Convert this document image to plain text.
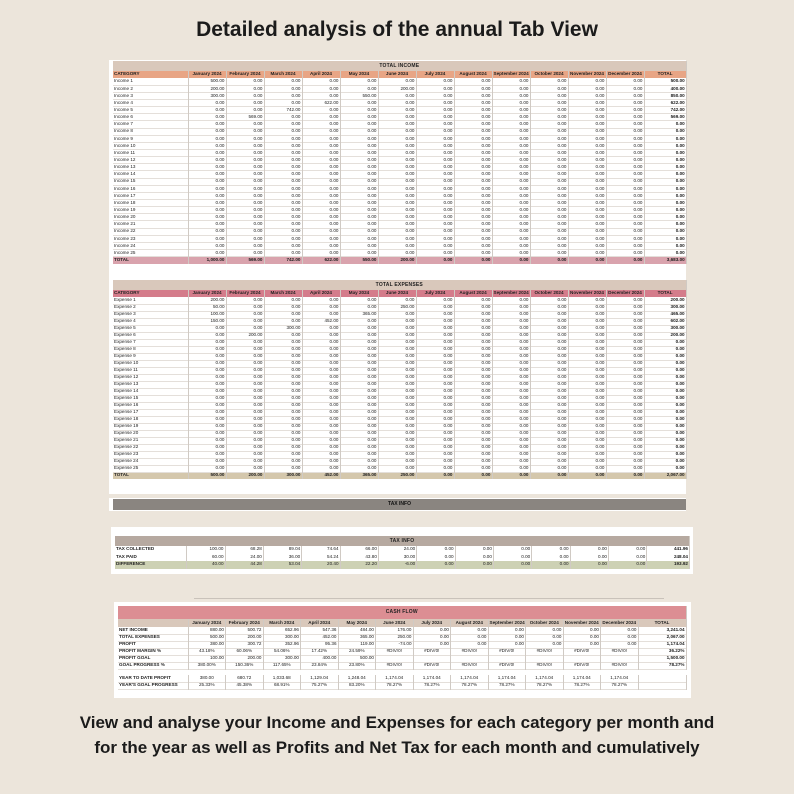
Detailed analysis of the annual Tab View
TOTAL INCOME													
CATEGORY	January 2024	February 2024	March 2024	April 2024	May 2024	June 2024	July 2024	August 2024	September 2024	October 2024	November 2024	December 2024	TOTAL
Income 1	500.00	0.00	0.00	0.00	0.00	0.00	0.00	0.00	0.00	0.00	0.00	0.00	500.00
Income 2	200.00	0.00	0.00	0.00	0.00	200.00	0.00	0.00	0.00	0.00	0.00	0.00	400.00
Income 3	300.00	0.00	0.00	0.00	550.00	0.00	0.00	0.00	0.00	0.00	0.00	0.00	850.00
Income 4	0.00	0.00	0.00	622.00	0.00	0.00	0.00	0.00	0.00	0.00	0.00	0.00	622.00
Income 5	0.00	0.00	742.00	0.00	0.00	0.00	0.00	0.00	0.00	0.00	0.00	0.00	742.00
Income 6	0.00	569.00	0.00	0.00	0.00	0.00	0.00	0.00	0.00	0.00	0.00	0.00	569.00
Income 7	0.00	0.00	0.00	0.00	0.00	0.00	0.00	0.00	0.00	0.00	0.00	0.00	0.00
Income 8	0.00	0.00	0.00	0.00	0.00	0.00	0.00	0.00	0.00	0.00	0.00	0.00	0.00
Income 9	0.00	0.00	0.00	0.00	0.00	0.00	0.00	0.00	0.00	0.00	0.00	0.00	0.00
Income 10	0.00	0.00	0.00	0.00	0.00	0.00	0.00	0.00	0.00	0.00	0.00	0.00	0.00
Income 11	0.00	0.00	0.00	0.00	0.00	0.00	0.00	0.00	0.00	0.00	0.00	0.00	0.00
Income 12	0.00	0.00	0.00	0.00	0.00	0.00	0.00	0.00	0.00	0.00	0.00	0.00	0.00
Income 13	0.00	0.00	0.00	0.00	0.00	0.00	0.00	0.00	0.00	0.00	0.00	0.00	0.00
Income 14	0.00	0.00	0.00	0.00	0.00	0.00	0.00	0.00	0.00	0.00	0.00	0.00	0.00
Income 15	0.00	0.00	0.00	0.00	0.00	0.00	0.00	0.00	0.00	0.00	0.00	0.00	0.00
Income 16	0.00	0.00	0.00	0.00	0.00	0.00	0.00	0.00	0.00	0.00	0.00	0.00	0.00
Income 17	0.00	0.00	0.00	0.00	0.00	0.00	0.00	0.00	0.00	0.00	0.00	0.00	0.00
Income 18	0.00	0.00	0.00	0.00	0.00	0.00	0.00	0.00	0.00	0.00	0.00	0.00	0.00
Income 19	0.00	0.00	0.00	0.00	0.00	0.00	0.00	0.00	0.00	0.00	0.00	0.00	0.00
Income 20	0.00	0.00	0.00	0.00	0.00	0.00	0.00	0.00	0.00	0.00	0.00	0.00	0.00
Income 21	0.00	0.00	0.00	0.00	0.00	0.00	0.00	0.00	0.00	0.00	0.00	0.00	0.00
Income 22	0.00	0.00	0.00	0.00	0.00	0.00	0.00	0.00	0.00	0.00	0.00	0.00	0.00
Income 23	0.00	0.00	0.00	0.00	0.00	0.00	0.00	0.00	0.00	0.00	0.00	0.00	0.00
Income 24	0.00	0.00	0.00	0.00	0.00	0.00	0.00	0.00	0.00	0.00	0.00	0.00	0.00
Income 25	0.00	0.00	0.00	0.00	0.00	0.00	0.00	0.00	0.00	0.00	0.00	0.00	0.00
TOTAL	1,000.00	569.00	742.00	622.00	550.00	200.00	0.00	0.00	0.00	0.00	0.00	0.00	3,683.00
TOTAL EXPENSES													
CATEGORY	January 2024	February 2024	March 2024	April 2024	May 2024	June 2024	July 2024	August 2024	September 2024	October 2024	November 2024	December 2024	TOTAL
Expense 1	200.00	0.00	0.00	0.00	0.00	0.00	0.00	0.00	0.00	0.00	0.00	0.00	200.00
Expense 2	50.00	0.00	0.00	0.00	0.00	250.00	0.00	0.00	0.00	0.00	0.00	0.00	300.00
Expense 3	100.00	0.00	0.00	0.00	365.00	0.00	0.00	0.00	0.00	0.00	0.00	0.00	465.00
Expense 4	150.00	0.00	0.00	452.00	0.00	0.00	0.00	0.00	0.00	0.00	0.00	0.00	602.00
Expense 5	0.00	0.00	300.00	0.00	0.00	0.00	0.00	0.00	0.00	0.00	0.00	0.00	300.00
Expense 6	0.00	200.00	0.00	0.00	0.00	0.00	0.00	0.00	0.00	0.00	0.00	0.00	200.00
Expense 7	0.00	0.00	0.00	0.00	0.00	0.00	0.00	0.00	0.00	0.00	0.00	0.00	0.00
Expense 8	0.00	0.00	0.00	0.00	0.00	0.00	0.00	0.00	0.00	0.00	0.00	0.00	0.00
Expense 9	0.00	0.00	0.00	0.00	0.00	0.00	0.00	0.00	0.00	0.00	0.00	0.00	0.00
Expense 10	0.00	0.00	0.00	0.00	0.00	0.00	0.00	0.00	0.00	0.00	0.00	0.00	0.00
Expense 11	0.00	0.00	0.00	0.00	0.00	0.00	0.00	0.00	0.00	0.00	0.00	0.00	0.00
Expense 12	0.00	0.00	0.00	0.00	0.00	0.00	0.00	0.00	0.00	0.00	0.00	0.00	0.00
Expense 13	0.00	0.00	0.00	0.00	0.00	0.00	0.00	0.00	0.00	0.00	0.00	0.00	0.00
Expense 14	0.00	0.00	0.00	0.00	0.00	0.00	0.00	0.00	0.00	0.00	0.00	0.00	0.00
Expense 15	0.00	0.00	0.00	0.00	0.00	0.00	0.00	0.00	0.00	0.00	0.00	0.00	0.00
Expense 16	0.00	0.00	0.00	0.00	0.00	0.00	0.00	0.00	0.00	0.00	0.00	0.00	0.00
Expense 17	0.00	0.00	0.00	0.00	0.00	0.00	0.00	0.00	0.00	0.00	0.00	0.00	0.00
Expense 18	0.00	0.00	0.00	0.00	0.00	0.00	0.00	0.00	0.00	0.00	0.00	0.00	0.00
Expense 19	0.00	0.00	0.00	0.00	0.00	0.00	0.00	0.00	0.00	0.00	0.00	0.00	0.00
Expense 20	0.00	0.00	0.00	0.00	0.00	0.00	0.00	0.00	0.00	0.00	0.00	0.00	0.00
Expense 21	0.00	0.00	0.00	0.00	0.00	0.00	0.00	0.00	0.00	0.00	0.00	0.00	0.00
Expense 22	0.00	0.00	0.00	0.00	0.00	0.00	0.00	0.00	0.00	0.00	0.00	0.00	0.00
Expense 23	0.00	0.00	0.00	0.00	0.00	0.00	0.00	0.00	0.00	0.00	0.00	0.00	0.00
Expense 24	0.00	0.00	0.00	0.00	0.00	0.00	0.00	0.00	0.00	0.00	0.00	0.00	0.00
Expense 25	0.00	0.00	0.00	0.00	0.00	0.00	0.00	0.00	0.00	0.00	0.00	0.00	0.00
TOTAL	500.00	200.00	300.00	452.00	365.00	250.00	0.00	0.00	0.00	0.00	0.00	0.00	2,067.00
TAX INFO
TAX INFO													
TAX COLLECTED	100.00	68.28	89.04	74.64	66.00	24.00	0.00	0.00	0.00	0.00	0.00	0.00	441.96
TAX PAID	60.00	24.00	36.00	54.24	43.80	30.00	0.00	0.00	0.00	0.00	0.00	0.00	248.04
DIFFERENCE	40.00	44.28	53.04	20.40	22.20	-6.00	0.00	0.00	0.00	0.00	0.00	0.00	193.92
CASH FLOW													
	January 2024	February 2024	March 2024	April 2024	May 2024	June 2024	July 2024	August 2024	September 2024	October 2024	November 2024	December 2024	TOTAL
NET INCOME	880.00	500.72	652.96	547.36	484.00	176.00	0.00	0.00	0.00	0.00	0.00	0.00	3,241.04
TOTAL EXPENSES	500.00	200.00	300.00	452.00	365.00	250.00	0.00	0.00	0.00	0.00	0.00	0.00	2,067.00
PROFIT	380.00	300.72	352.96	95.36	119.00	-74.00	0.00	0.00	0.00	0.00	0.00	0.00	1,174.04
PROFIT MARGIN %	43.18%	60.06%	54.06%	17.42%	24.59%	#DIV/0!	#DIV/0!	#DIV/0!	#DIV/0!	#DIV/0!	#DIV/0!	#DIV/0!	36.22%
PROFIT GOAL	100.00	200.00	300.00	400.00	500.00								1,500.00
GOAL PROGRESS %	380.00%	150.36%	117.65%	23.84%	23.80%	#DIV/0!	#DIV/0!	#DIV/0!	#DIV/0!	#DIV/0!	#DIV/0!	#DIV/0!	78.27%

YEAR TO DATE PROFIT	380.00	680.72	1,033.68	1,129.04	1,248.04	1,174.04	1,174.04	1,174.04	1,174.04	1,174.04	1,174.04	1,174.04	
YEAR'S GOAL PROGRESS	25.33%	45.38%	68.91%	75.27%	83.20%	78.27%	78.27%	78.27%	78.27%	78.27%	78.27%	78.27%	
View and analyse your Income and Expenses for each category per month and
for the year as well as Profits and Net Tax for each month and cumulatively
